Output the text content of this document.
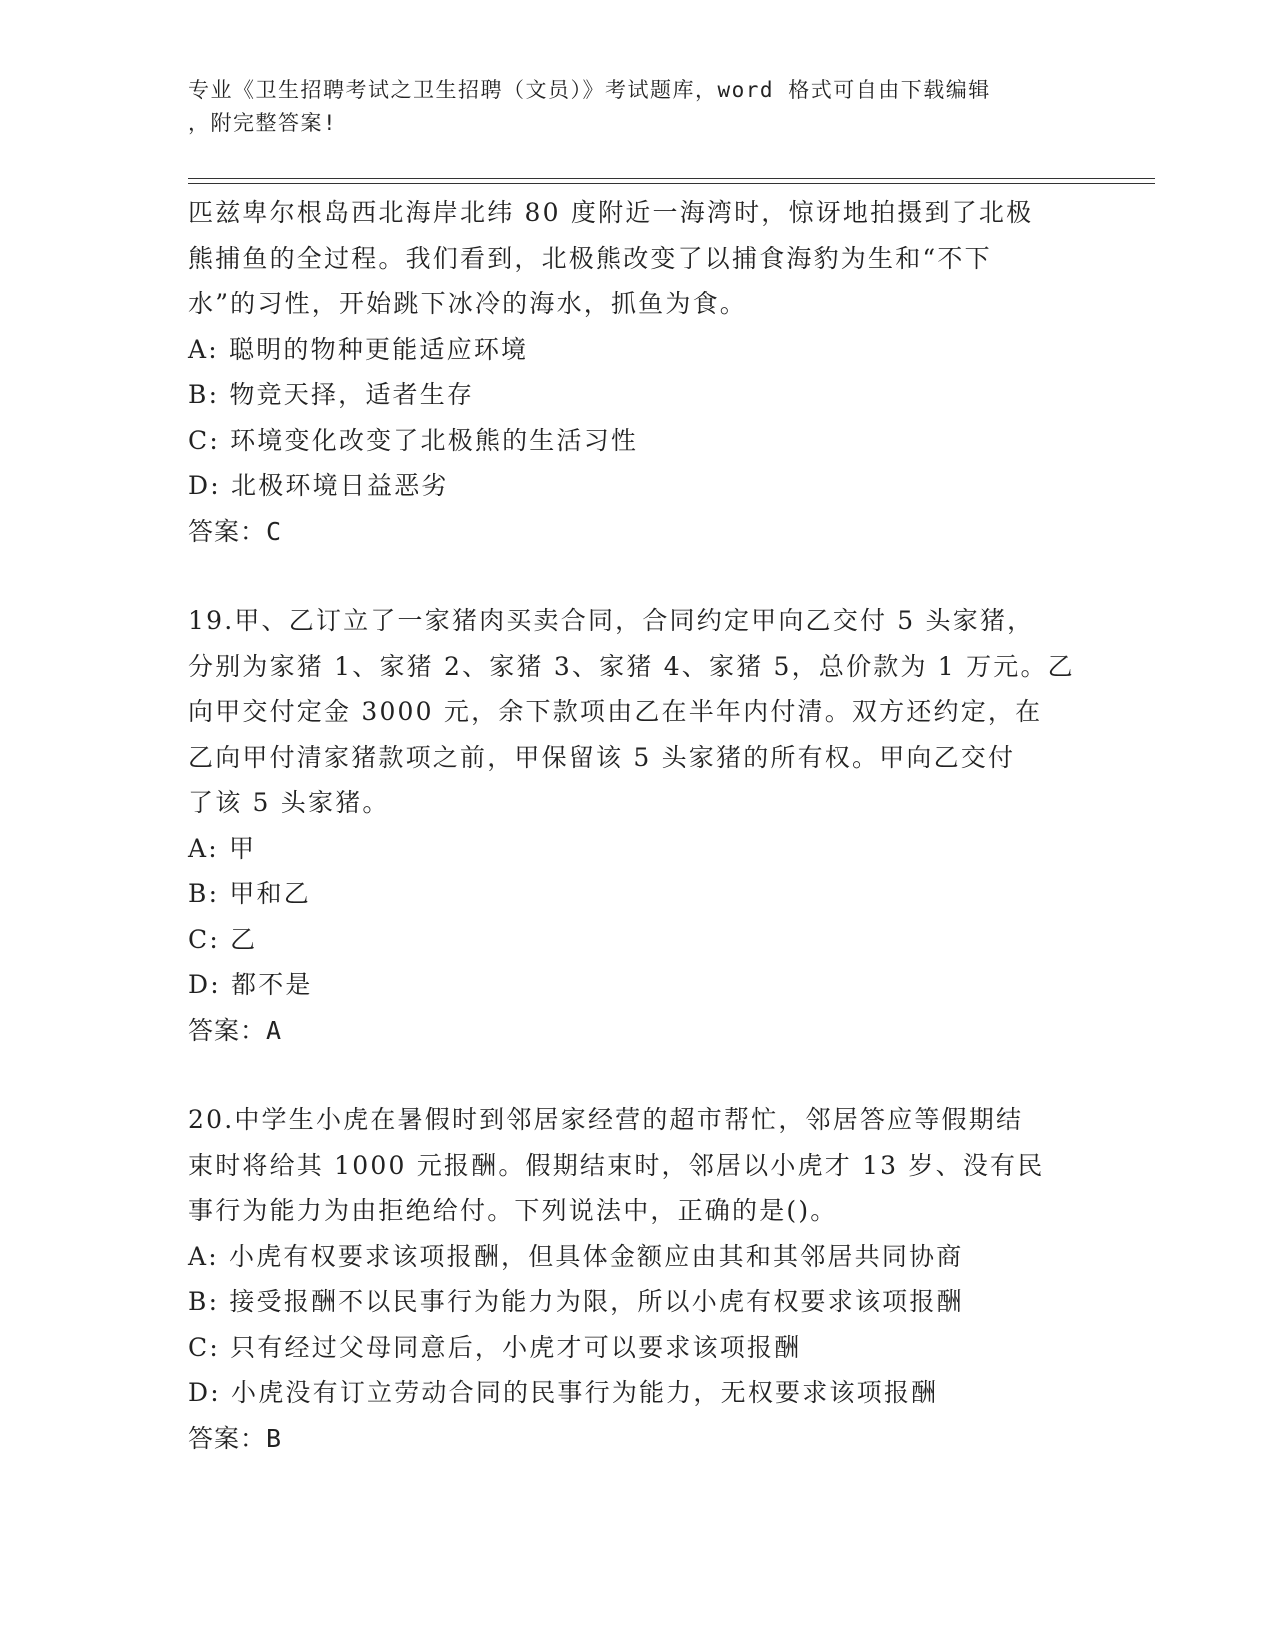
专业《卫生招聘考试之卫生招聘（文员）》考试题库，word 格式可自由下载编辑
，附完整答案!

匹兹卑尔根岛西北海岸北纬 80 度附近一海湾时，惊讶地拍摄到了北极

熊捕鱼的全过程。我们看到，北极熊改变了以捕食海豹为生和“不下

水”的习性，开始跳下冰冷的海水，抓鱼为食。

A: 聪明的物种更能适应环境

B: 物竞天择，适者生存

C: 环境变化改变了北极熊的生活习性

D: 北极环境日益恶劣

答案：C

19.甲、乙订立了一家猪肉买卖合同，合同约定甲向乙交付 5 头家猪，

分别为家猪 1、家猪 2、家猪 3、家猪 4、家猪 5，总价款为 1 万元。乙

向甲交付定金 3000 元，余下款项由乙在半年内付清。双方还约定，在

乙向甲付清家猪款项之前，甲保留该 5 头家猪的所有权。甲向乙交付

了该 5 头家猪。

A: 甲

B: 甲和乙

C: 乙

D: 都不是

答案：A

20.中学生小虎在暑假时到邻居家经营的超市帮忙，邻居答应等假期结

束时将给其 1000 元报酬。假期结束时，邻居以小虎才 13 岁、没有民

事行为能力为由拒绝给付。下列说法中，正确的是()。

A: 小虎有权要求该项报酬，但具体金额应由其和其邻居共同协商

B: 接受报酬不以民事行为能力为限，所以小虎有权要求该项报酬

C: 只有经过父母同意后，小虎才可以要求该项报酬

D: 小虎没有订立劳动合同的民事行为能力，无权要求该项报酬

答案：B
